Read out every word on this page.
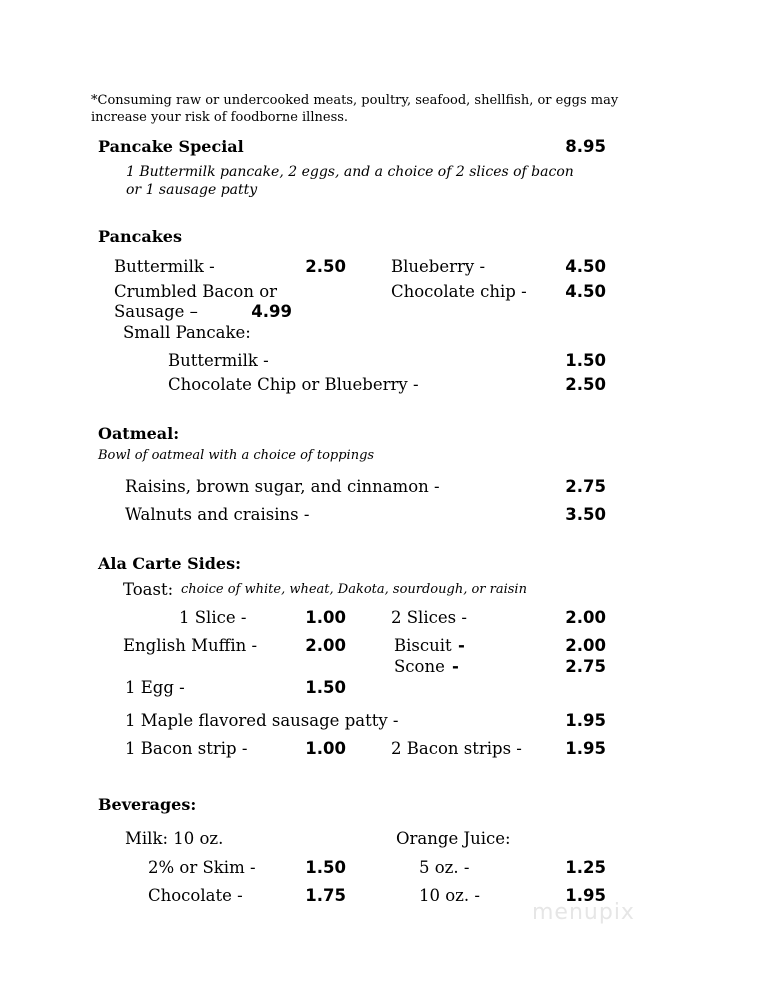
*Consuming raw or undercooked meats, poultry, seafood, shellfish, or eggs may
increase your risk of foodborne illness.
Pancake Special	8.95
1 Buttermilk pancake, 2 eggs, and a choice of 2 slices of bacon
or 1 sausage patty
Pancakes
Buttermilk -	2.50	Blueberry -	4.50
Crumbled Bacon or
Sausage –	4.99
Chocolate chip -	4.50
Small Pancake:
Buttermilk -	1.50
Chocolate Chip or Blueberry -	2.50
Oatmeal:
Bowl of oatmeal with a choice of toppings
Raisins, brown sugar, and cinnamon -	2.75
Walnuts and craisins -	3.50
Ala Carte Sides:
Toast: choice of white, wheat, Dakota, sourdough, or raisin
1 Slice -	1.00	2 Slices -	2.00
English Muffin -	2.00	Biscuit -	2.00
Scone -	2.75
1 Egg -	1.50
1 Maple flavored sausage patty -	1.95
1 Bacon strip -	1.00	2 Bacon strips -	1.95
Beverages:
Milk: 10 oz.	Orange Juice:
2% or Skim -	1.50	5 oz. -	1.25
Chocolate -	1.75	10 oz. -	1.95
menupix
